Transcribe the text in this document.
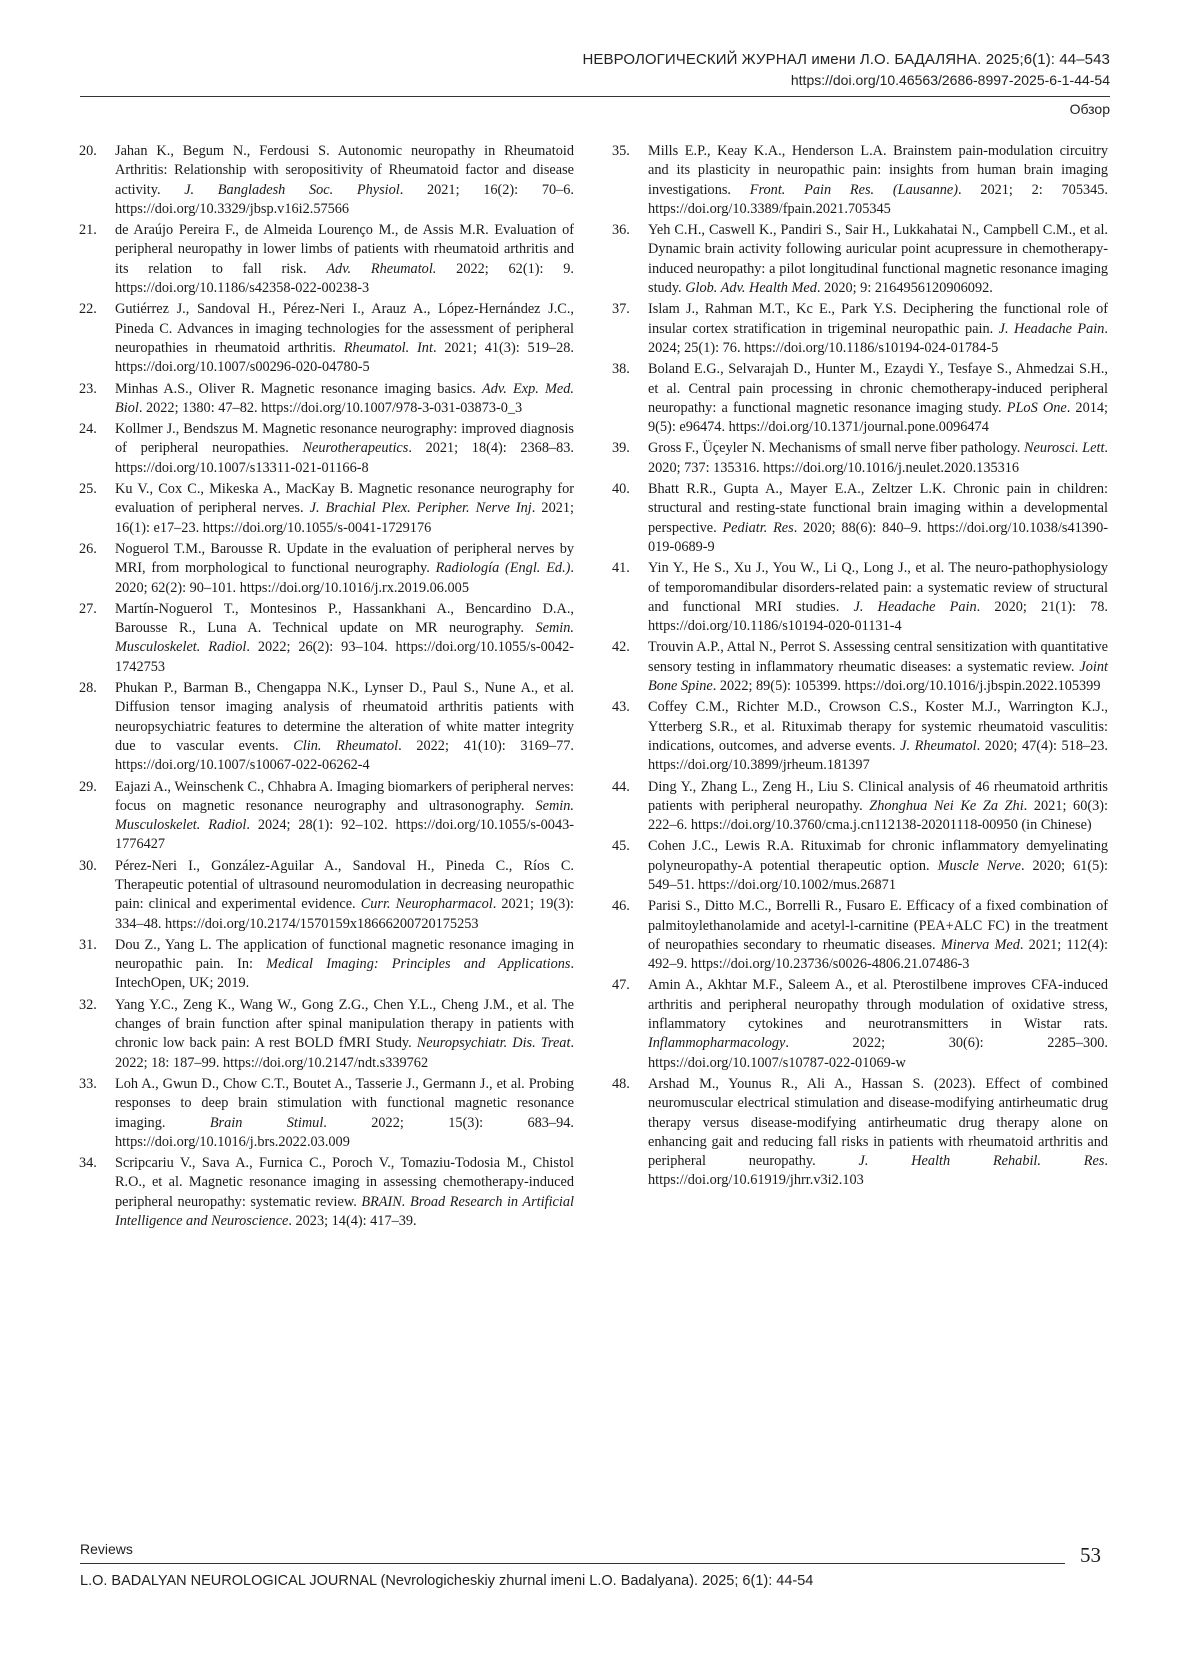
НЕВРОЛОГИЧЕСКИЙ ЖУРНАЛ имени Л.О. БАДАЛЯНА. 2025;6(1): 44–543
https://doi.org/10.46563/2686-8997-2025-6-1-44-54
Обзор
20.	Jahan K., Begum N., Ferdousi S. Autonomic neuropathy in Rheumatoid Arthritis: Relationship with seropositivity of Rheumatoid factor and disease activity. J. Bangladesh Soc. Physiol. 2021; 16(2): 70–6. https://doi.org/10.3329/jbsp.v16i2.57566
21.	de Araújo Pereira F., de Almeida Lourenço M., de Assis M.R. Evaluation of peripheral neuropathy in lower limbs of patients with rheumatoid arthritis and its relation to fall risk. Adv. Rheumatol. 2022; 62(1): 9. https://doi.org/10.1186/s42358-022-00238-3
22.	Gutiérrez J., Sandoval H., Pérez-Neri I., Arauz A., López-Hernández J.C., Pineda C. Advances in imaging technologies for the assessment of peripheral neuropathies in rheumatoid arthritis. Rheumatol. Int. 2021; 41(3): 519–28. https://doi.org/10.1007/s00296-020-04780-5
23.	Minhas A.S., Oliver R. Magnetic resonance imaging basics. Adv. Exp. Med. Biol. 2022; 1380: 47–82. https://doi.org/10.1007/978-3-031-03873-0_3
24.	Kollmer J., Bendszus M. Magnetic resonance neurography: improved diagnosis of peripheral neuropathies. Neurotherapeutics. 2021; 18(4): 2368–83. https://doi.org/10.1007/s13311-021-01166-8
25.	Ku V., Cox C., Mikeska A., MacKay B. Magnetic resonance neurography for evaluation of peripheral nerves. J. Brachial Plex. Peripher. Nerve Inj. 2021; 16(1): e17–23. https://doi.org/10.1055/s-0041-1729176
26.	Noguerol T.M., Barousse R. Update in the evaluation of peripheral nerves by MRI, from morphological to functional neurography. Radiología (Engl. Ed.). 2020; 62(2): 90–101. https://doi.org/10.1016/j.rx.2019.06.005
27.	Martín-Noguerol T., Montesinos P., Hassankhani A., Bencardino D.A., Barousse R., Luna A. Technical update on MR neurography. Semin. Musculoskelet. Radiol. 2022; 26(2): 93–104. https://doi.org/10.1055/s-0042-1742753
28.	Phukan P., Barman B., Chengappa N.K., Lynser D., Paul S., Nune A., et al. Diffusion tensor imaging analysis of rheumatoid arthritis patients with neuropsychiatric features to determine the alteration of white matter integrity due to vascular events. Clin. Rheumatol. 2022; 41(10): 3169–77. https://doi.org/10.1007/s10067-022-06262-4
29.	Eajazi A., Weinschenk C., Chhabra A. Imaging biomarkers of peripheral nerves: focus on magnetic resonance neurography and ultrasonography. Semin. Musculoskelet. Radiol. 2024; 28(1): 92–102. https://doi.org/10.1055/s-0043-1776427
30.	Pérez-Neri I., González-Aguilar A., Sandoval H., Pineda C., Ríos C. Therapeutic potential of ultrasound neuromodulation in decreasing neuropathic pain: clinical and experimental evidence. Curr. Neuropharmacol. 2021; 19(3): 334–48. https://doi.org/10.2174/1570159x18666200720175253
31.	Dou Z., Yang L. The application of functional magnetic resonance imaging in neuropathic pain. In: Medical Imaging: Principles and Applications. IntechOpen, UK; 2019.
32.	Yang Y.C., Zeng K., Wang W., Gong Z.G., Chen Y.L., Cheng J.M., et al. The changes of brain function after spinal manipulation therapy in patients with chronic low back pain: A rest BOLD fMRI Study. Neuropsychiatr. Dis. Treat. 2022; 18: 187–99. https://doi.org/10.2147/ndt.s339762
33.	Loh A., Gwun D., Chow C.T., Boutet A., Tasserie J., Germann J., et al. Probing responses to deep brain stimulation with functional magnetic resonance imaging. Brain Stimul. 2022; 15(3): 683–94. https://doi.org/10.1016/j.brs.2022.03.009
34.	Scripcariu V., Sava A., Furnica C., Poroch V., Tomaziu-Todosia M., Chistol R.O., et al. Magnetic resonance imaging in assessing chemotherapy-induced peripheral neuropathy: systematic review. BRAIN. Broad Research in Artificial Intelligence and Neuroscience. 2023; 14(4): 417–39.
35.	Mills E.P., Keay K.A., Henderson L.A. Brainstem pain-modulation circuitry and its plasticity in neuropathic pain: insights from human brain imaging investigations. Front. Pain Res. (Lausanne). 2021; 2: 705345. https://doi.org/10.3389/fpain.2021.705345
36.	Yeh C.H., Caswell K., Pandiri S., Sair H., Lukkahatai N., Campbell C.M., et al. Dynamic brain activity following auricular point acupressure in chemotherapy-induced neuropathy: a pilot longitudinal functional magnetic resonance imaging study. Glob. Adv. Health Med. 2020; 9: 2164956120906092.
37.	Islam J., Rahman M.T., Kc E., Park Y.S. Deciphering the functional role of insular cortex stratification in trigeminal neuropathic pain. J. Headache Pain. 2024; 25(1): 76. https://doi.org/10.1186/s10194-024-01784-5
38.	Boland E.G., Selvarajah D., Hunter M., Ezaydi Y., Tesfaye S., Ahmedzai S.H., et al. Central pain processing in chronic chemotherapy-induced peripheral neuropathy: a functional magnetic resonance imaging study. PLoS One. 2014; 9(5): e96474. https://doi.org/10.1371/journal.pone.0096474
39.	Gross F., Üçeyler N. Mechanisms of small nerve fiber pathology. Neurosci. Lett. 2020; 737: 135316. https://doi.org/10.1016/j.neulet.2020.135316
40.	Bhatt R.R., Gupta A., Mayer E.A., Zeltzer L.K. Chronic pain in children: structural and resting-state functional brain imaging within a developmental perspective. Pediatr. Res. 2020; 88(6): 840–9. https://doi.org/10.1038/s41390-019-0689-9
41.	Yin Y., He S., Xu J., You W., Li Q., Long J., et al. The neuro-pathophysiology of temporomandibular disorders-related pain: a systematic review of structural and functional MRI studies. J. Headache Pain. 2020; 21(1): 78. https://doi.org/10.1186/s10194-020-01131-4
42.	Trouvin A.P., Attal N., Perrot S. Assessing central sensitization with quantitative sensory testing in inflammatory rheumatic diseases: a systematic review. Joint Bone Spine. 2022; 89(5): 105399. https://doi.org/10.1016/j.jbspin.2022.105399
43.	Coffey C.M., Richter M.D., Crowson C.S., Koster M.J., Warrington K.J., Ytterberg S.R., et al. Rituximab therapy for systemic rheumatoid vasculitis: indications, outcomes, and adverse events. J. Rheumatol. 2020; 47(4): 518–23. https://doi.org/10.3899/jrheum.181397
44.	Ding Y., Zhang L., Zeng H., Liu S. Clinical analysis of 46 rheumatoid arthritis patients with peripheral neuropathy. Zhonghua Nei Ke Za Zhi. 2021; 60(3): 222–6. https://doi.org/10.3760/cma.j.cn112138-20201118-00950 (in Chinese)
45.	Cohen J.C., Lewis R.A. Rituximab for chronic inflammatory demyelinating polyneuropathy-A potential therapeutic option. Muscle Nerve. 2020; 61(5): 549–51. https://doi.org/10.1002/mus.26871
46.	Parisi S., Ditto M.C., Borrelli R., Fusaro E. Efficacy of a fixed combination of palmitoylethanolamide and acetyl-l-carnitine (PEA+ALC FC) in the treatment of neuropathies secondary to rheumatic diseases. Minerva Med. 2021; 112(4): 492–9. https://doi.org/10.23736/s0026-4806.21.07486-3
47.	Amin A., Akhtar M.F., Saleem A., et al. Pterostilbene improves CFA-induced arthritis and peripheral neuropathy through modulation of oxidative stress, inflammatory cytokines and neurotransmitters in Wistar rats. Inflammopharmacology. 2022; 30(6): 2285–300. https://doi.org/10.1007/s10787-022-01069-w
48.	Arshad M., Younus R., Ali A., Hassan S. (2023). Effect of combined neuromuscular electrical stimulation and disease-modifying antirheumatic drug therapy versus disease-modifying antirheumatic drug therapy alone on enhancing gait and reducing fall risks in patients with rheumatoid arthritis and peripheral neuropathy. J. Health Rehabil. Res. https://doi.org/10.61919/jhrr.v3i2.103
Reviews	53
L.O. BADALYAN NEUROLOGICAL JOURNAL (Nevrologicheskiy zhurnal imeni L.O. Badalyana). 2025; 6(1): 44-54
